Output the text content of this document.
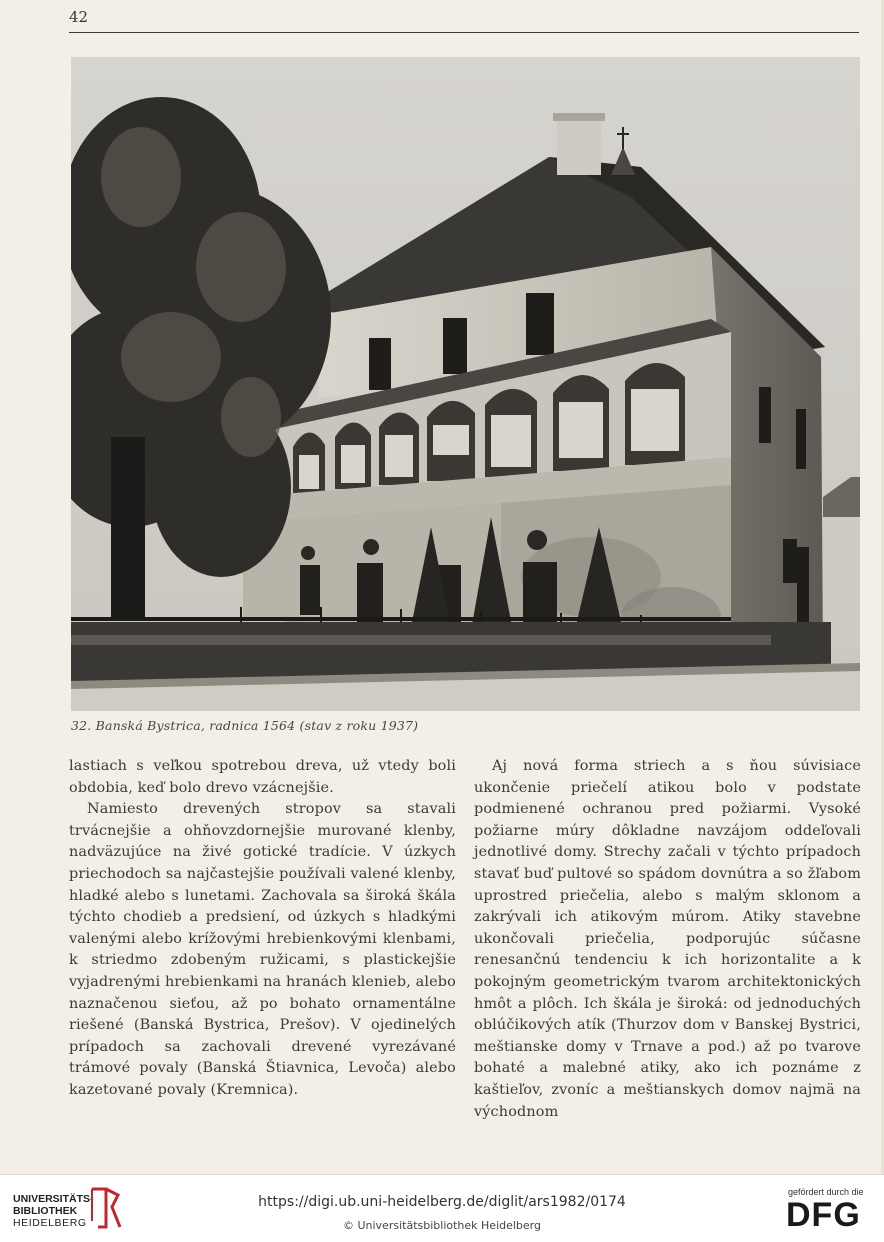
42
32. Banská Bystrica, radnica 1564 (stav z roku 1937)

lastiach s veľkou spotrebou dreva, už vtedy boli obdobia, keď bolo drevo vzácnejšie.

Namiesto drevených stropov sa stavali trvácnejšie a ohňovzdornejšie murované klenby, nadväzujúce na živé gotické tradície. V úzkych priechodoch sa najčastejšie používali valené klenby, hladké alebo s lunetami. Zachovala sa široká škála týchto chodieb a predsiení, od úzkych s hladkými valenými alebo krížovými hrebienkovými klenbami, k striedmo zdobeným ružicami, s plastickejšie vyjadrenými hrebienkami na hranách klenieb, alebo naznačenou sieťou, až po bohato ornamentálne riešené (Banská Bystrica, Prešov). V ojedinelých prípadoch sa zachovali drevené vyrezávané trámové povaly (Banská Štiavnica, Levoča) alebo kazetované povaly (Kremnica).

Aj nová forma striech a s ňou súvisiace ukončenie priečelí atikou bolo v podstate podmienené ochranou pred požiarmi. Vysoké požiarne múry dôkladne navzájom oddeľovali jednotlivé domy. Strechy začali v týchto prípadoch stavať buď pultové so spádom dovnútra a so žľabom uprostred priečelia, alebo s malým sklonom a zakrývali ich atikovým múrom. Atiky stavebne ukončovali priečelia, podporujúc súčasne renesančnú tendenciu k ich horizontalite a k pokojným geometrickým tvarom architektonických hmôt a plôch. Ich škála je široká: od jednoduchých oblúčikových atík (Thurzov dom v Banskej Bystrici, meštianske domy v Trnave a pod.) až po tvarove bohaté a malebné atiky, ako ich poznáme z kaštieľov, zvoníc a meštianskych domov najmä na východnom

UNIVERSITÄTS-
BIBLIOTHEK
HEIDELBERG
https://digi.ub.uni-heidelberg.de/diglit/ars1982/0174
© Universitätsbibliothek Heidelberg
gefördert durch die
DFG
